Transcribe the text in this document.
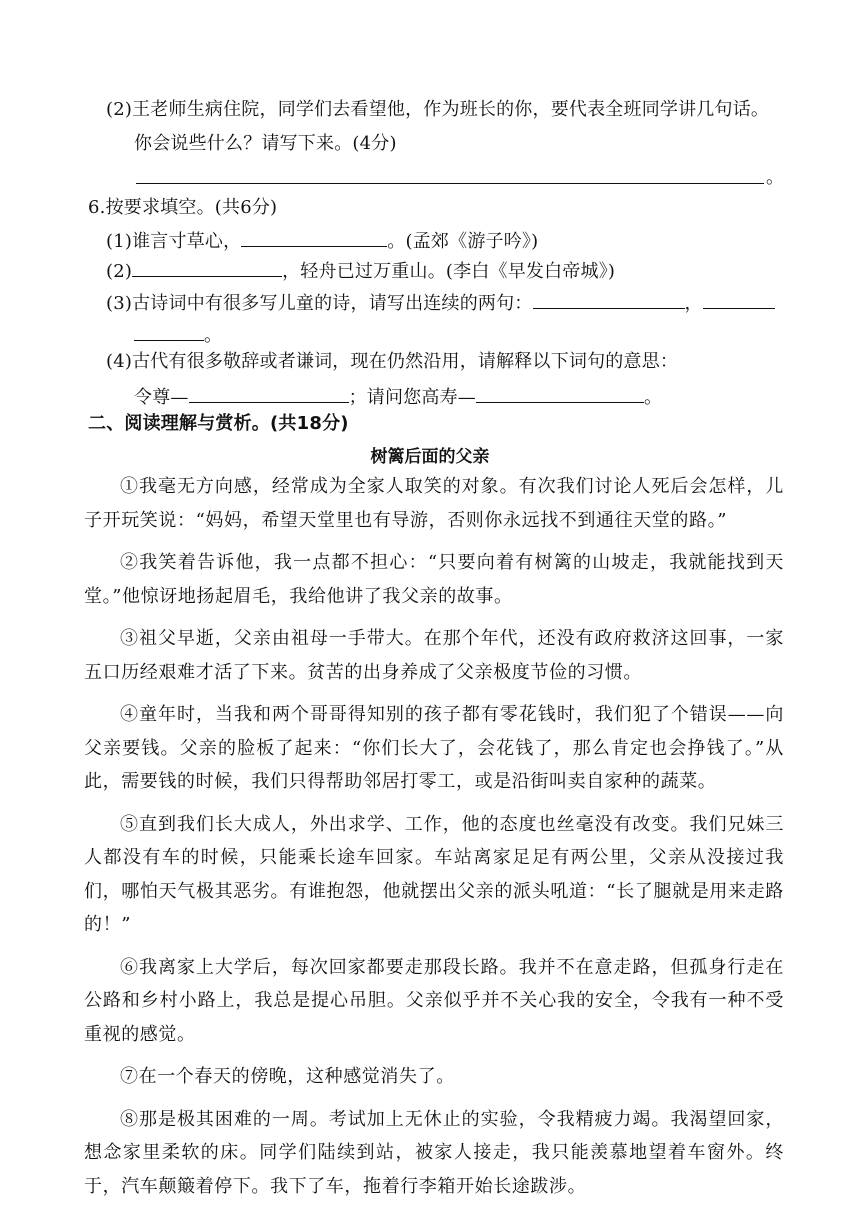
(2)王老师生病住院，同学们去看望他，作为班长的你，要代表全班同学讲几句话。
你会说些什么？请写下来。(4分)
。
6.按要求填空。(共6分)
(1)谁言寸草心，	。(孟郊《游子吟》)
(2)	，轻舟已过万重山。(李白《早发白帝城》)
(3)古诗词中有很多写儿童的诗，请写出连续的两句：	，
。
(4)古代有很多敬辞或者谦词，现在仍然沿用，请解释以下词句的意思：
令尊—	；请问您高寿—	。
二、阅读理解与赏析。(共18分)
树篱后面的父亲

①我毫无方向感，经常成为全家人取笑的对象。有次我们讨论人死后会怎样，儿子开玩笑说：“妈妈，希望天堂里也有导游，否则你永远找不到通往天堂的路。”

②我笑着告诉他，我一点都不担心：“只要向着有树篱的山坡走，我就能找到天堂。”他惊讶地扬起眉毛，我给他讲了我父亲的故事。

③祖父早逝，父亲由祖母一手带大。在那个年代，还没有政府救济这回事，一家五口历经艰难才活了下来。贫苦的出身养成了父亲极度节俭的习惯。

④童年时，当我和两个哥哥得知别的孩子都有零花钱时，我们犯了个错误——向父亲要钱。父亲的脸板了起来：“你们长大了，会花钱了，那么肯定也会挣钱了。”从此，需要钱的时候，我们只得帮助邻居打零工，或是沿街叫卖自家种的蔬菜。

⑤直到我们长大成人，外出求学、工作，他的态度也丝毫没有改变。我们兄妹三人都没有车的时候，只能乘长途车回家。车站离家足足有两公里，父亲从没接过我们，哪怕天气极其恶劣。有谁抱怨，他就摆出父亲的派头吼道：“长了腿就是用来走路的！”

⑥我离家上大学后，每次回家都要走那段长路。我并不在意走路，但孤身行走在公路和乡村小路上，我总是提心吊胆。父亲似乎并不关心我的安全，令我有一种不受重视的感觉。

⑦在一个春天的傍晚，这种感觉消失了。

⑧那是极其困难的一周。考试加上无休止的实验，令我精疲力竭。我渴望回家，想念家里柔软的床。同学们陆续到站，被家人接走，我只能羡慕地望着车窗外。终于，汽车颠簸着停下。我下了车，拖着行李箱开始长途跋涉。
